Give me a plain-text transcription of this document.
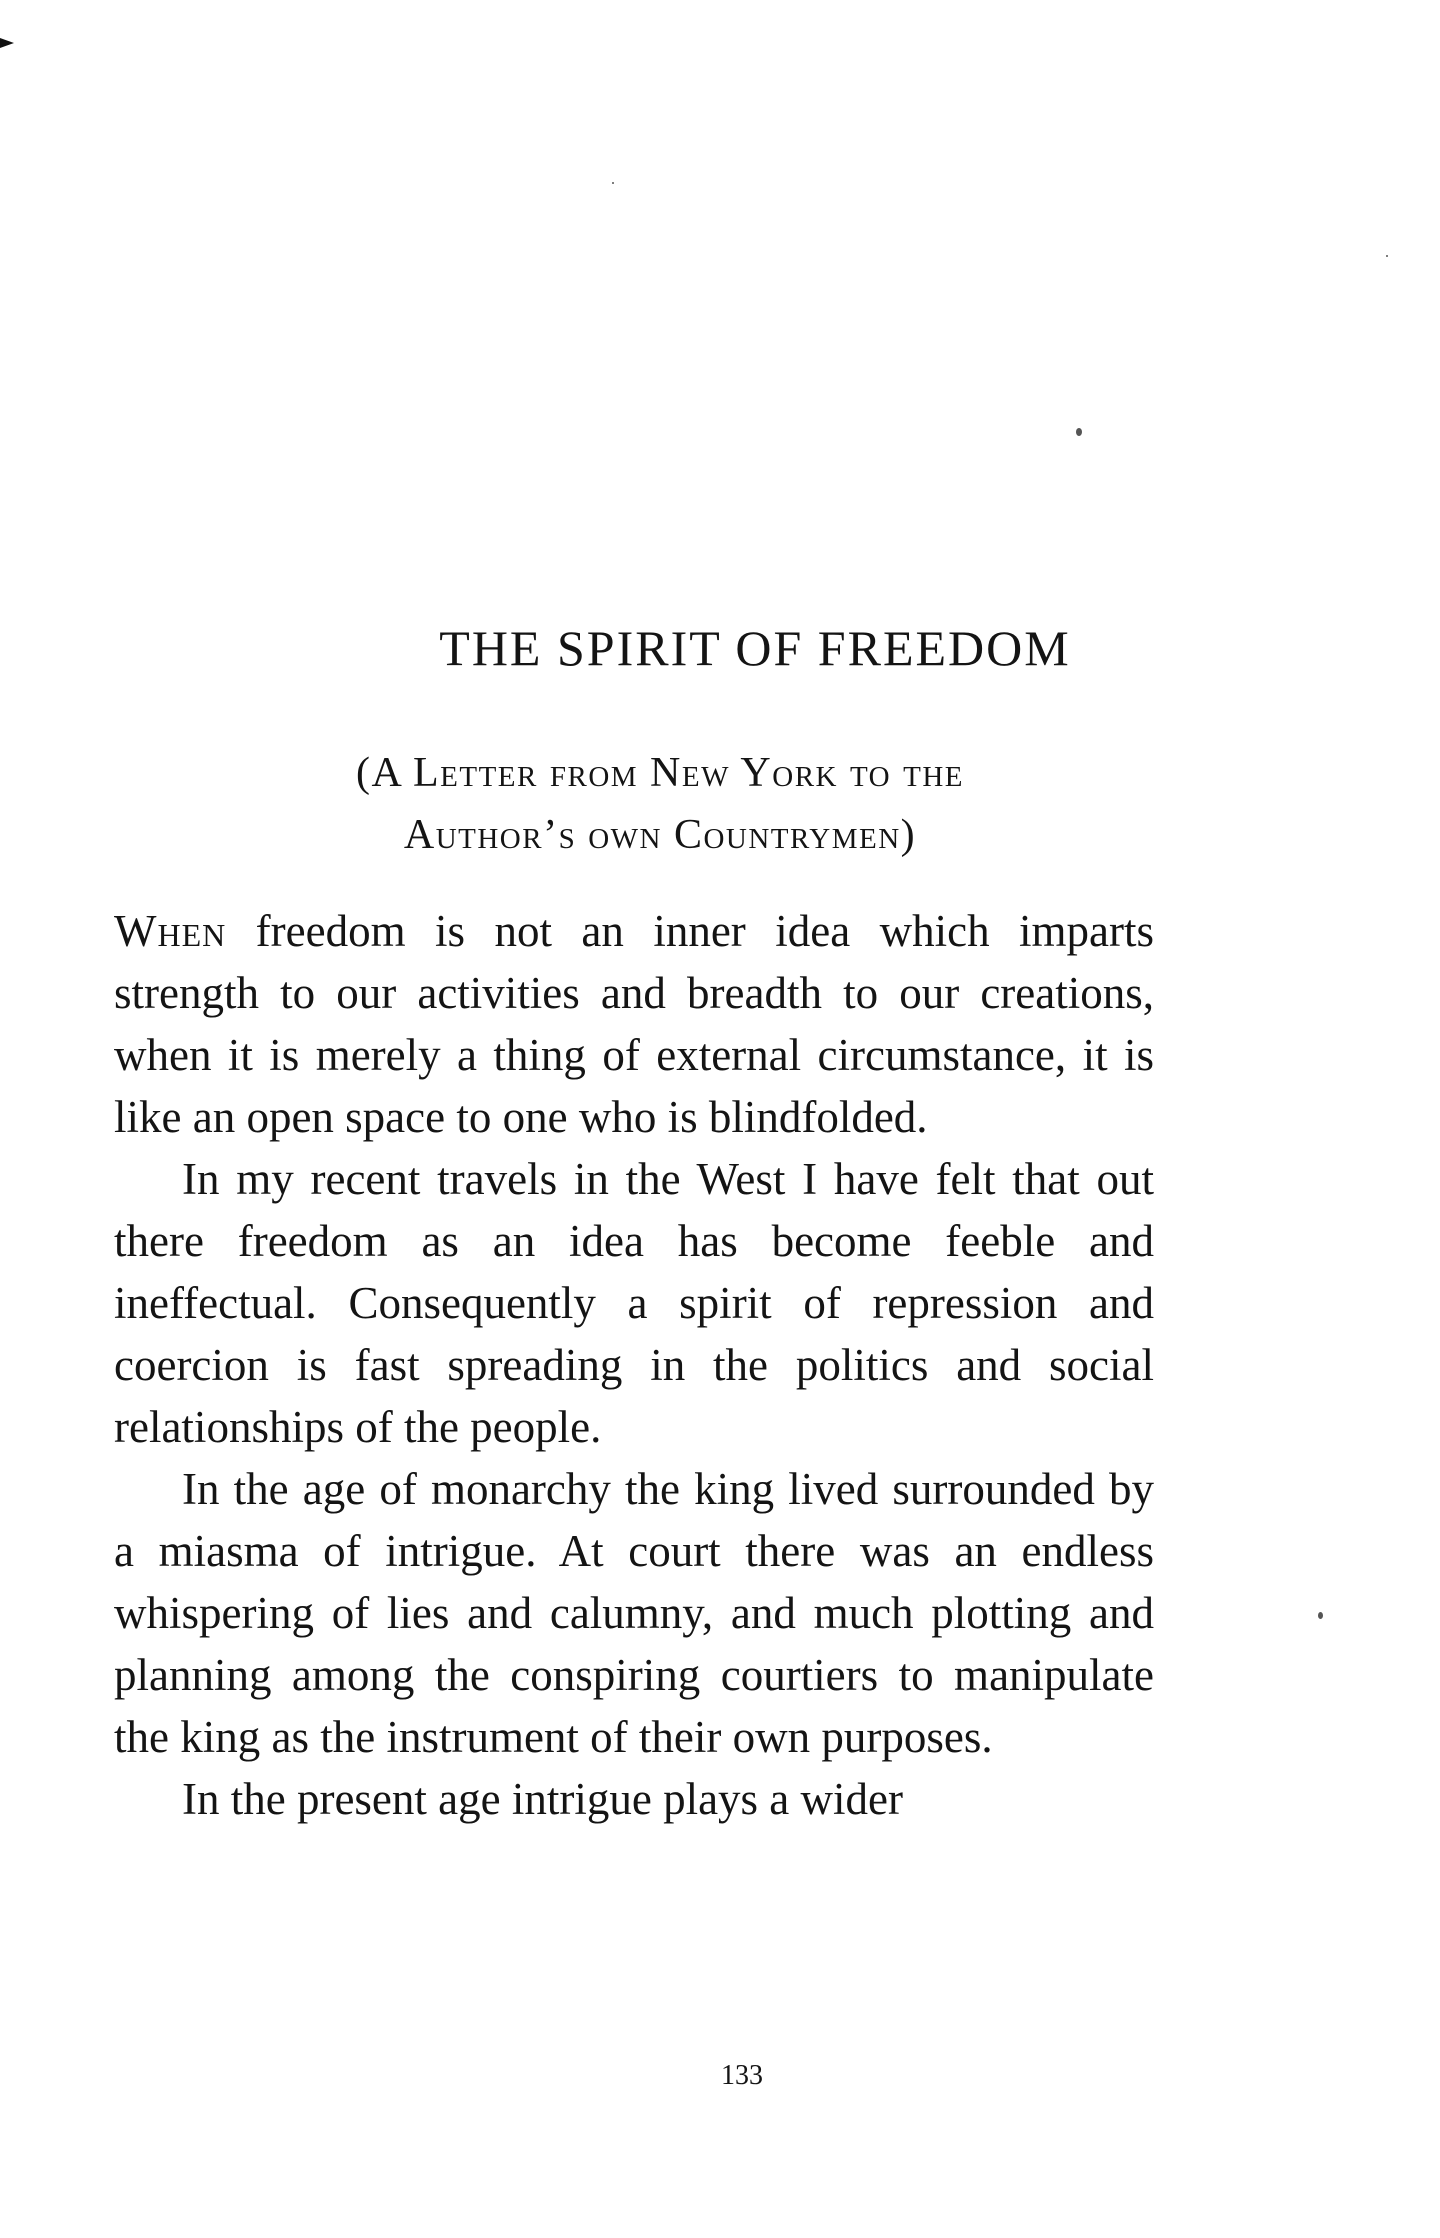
THE SPIRIT OF FREEDOM
(A Letter from New York to the
Author’s own Countrymen)

When freedom is not an inner idea which imparts strength to our activities and breadth to our creations, when it is merely a thing of external circumstance, it is like an open space to one who is blindfolded.

In my recent travels in the West I have felt that out there freedom as an idea has become feeble and ineffectual. Consequently a spirit of repression and coercion is fast spreading in the politics and social relationships of the people.

In the age of monarchy the king lived surrounded by a miasma of intrigue. At court there was an endless whispering of lies and calumny, and much plotting and planning among the conspiring courtiers to manipulate the king as the instrument of their own purposes.

In the present age intrigue plays a wider

133
